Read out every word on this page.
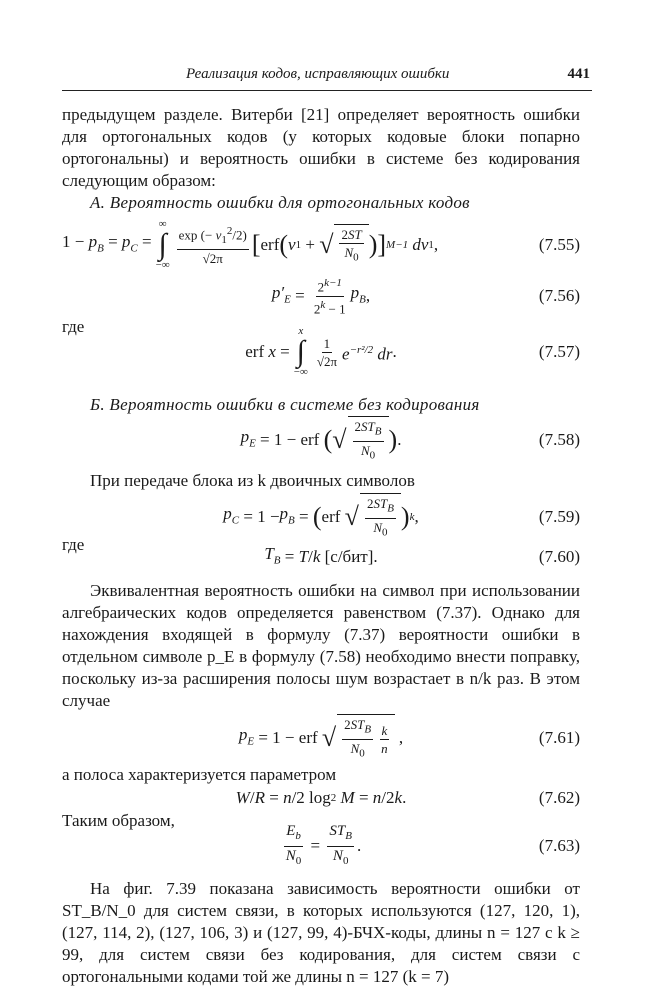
Реализация кодов, исправляющих ошибки	441

предыдущем разделе. Витерби [21] определяет вероятность ошибки для ортогональных кодов (у которых кодовые блоки попарно ортогональны) и вероятность ошибки в системе без кодирования следующим образом:

А. Вероятность ошибки для ортогональных кодов

$1 - p_B = p_C$ =
∞
∫
−∞ $\frac{\exp (- v_1^2/2)}{√2\pi}$ [ erf ( v 1 + √ $\frac{2ST}{N_0}$ )] M−1
dv 1 ,	(7.55)
$p'_E = \frac{2^{k-1}}{2^k - 1} p_B$ ,	(7.56)
где
erf x =
x
∫
−∞
$\frac{1}{√2\pi} e^{-r^2/2}$ dr .	(7.57)

Б. Вероятность ошибки в системе без кодирования

$p_E = 1$ − erf ( √ $\frac{2ST_B}{N_0}$ ) .	(7.58)

При передаче блока из k двоичных символов

$p_C = 1 - p_B$ = ( erf √ $\frac{2ST_B}{N_0}$ ) k ,	(7.59)
где	$T_B = T / k$ [с/бит].	(7.60)

Эквивалентная вероятность ошибки на символ при использовании алгебраических кодов определяется равенством (7.37). Однако для нахождения входящей в формулу (7.37) вероятности ошибки в отдельном символе p_E в формулу (7.58) необходимо внести поправку, поскольку из-за расширения полосы шум возрастает в n/k раз. В этом случае

$p_E = 1$ − erf √ $\frac{2ST_B}{N_0} \frac{k}{n}$ ,	(7.61)

а полоса характеризуется параметром

W / R = n /2 log 2
M = n /2 k .	(7.62)

Таким образом,

$\frac{E_b}{N_0} = \frac{ST_B}{N_0}$ .	(7.63)

На фиг. 7.39 показана зависимость вероятности ошибки от ST_B/N_0 для систем связи, в которых используются (127, 120, 1), (127, 114, 2), (127, 106, 3) и (127, 99, 4)-БЧХ-коды, длины n = 127 с k ≥ 99, для систем связи без кодирования, для систем связи с ортогональными кодами той же длины n = 127 (k = 7)
